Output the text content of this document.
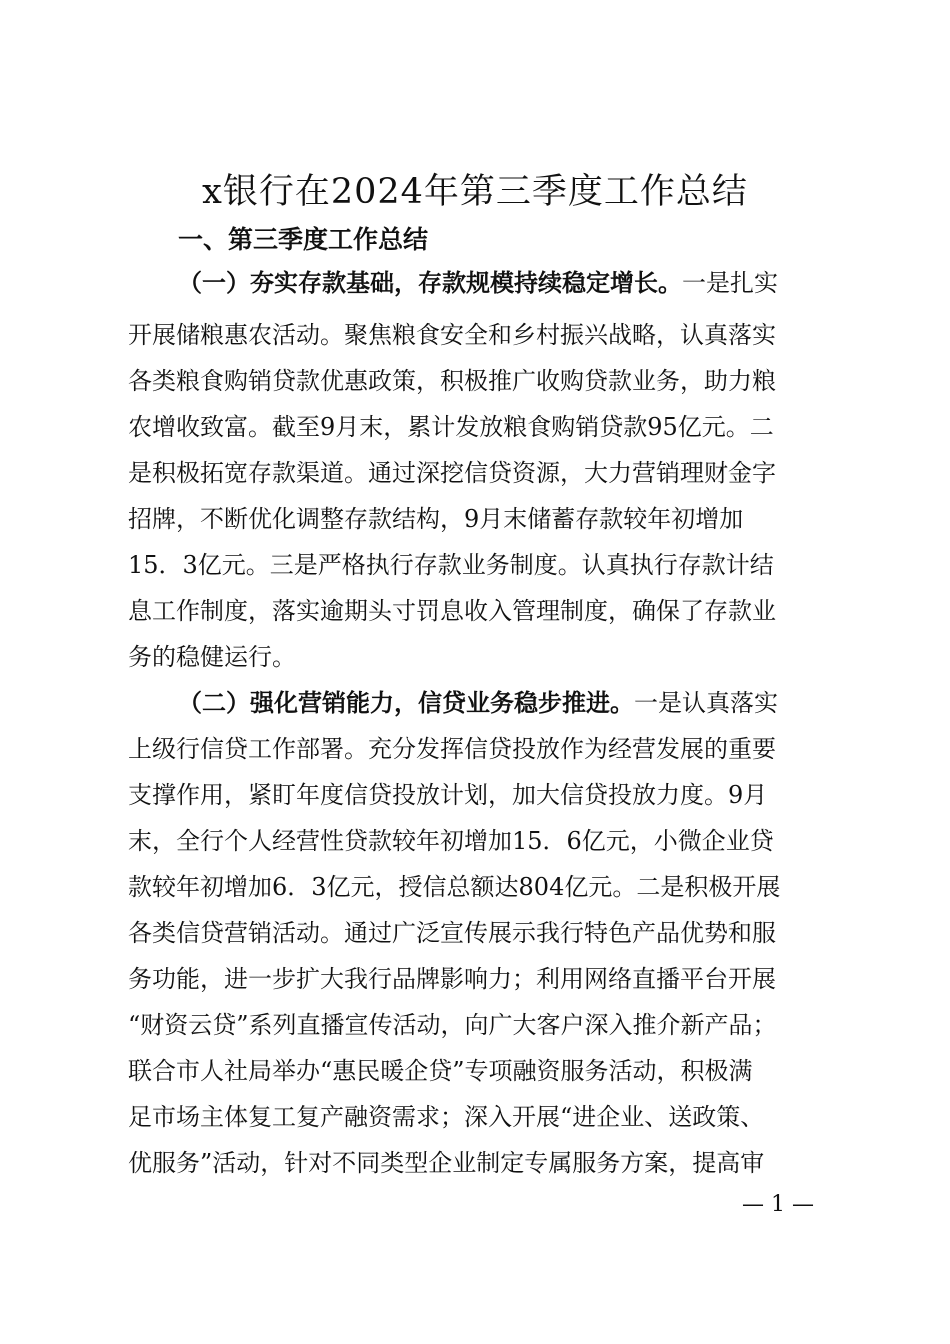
x银行在2024年第三季度工作总结
一、第三季度工作总结
（一）夯实存款基础，存款规模持续稳定增长。一是扎实
开展储粮惠农活动。聚焦粮食安全和乡村振兴战略，认真落实
各类粮食购销贷款优惠政策，积极推广收购贷款业务，助力粮
农增收致富。截至9月末，累计发放粮食购销贷款95亿元。二
是积极拓宽存款渠道。通过深挖信贷资源，大力营销理财金字
招牌，不断优化调整存款结构，9月末储蓄存款较年初增加
15．3亿元。三是严格执行存款业务制度。认真执行存款计结
息工作制度，落实逾期头寸罚息收入管理制度，确保了存款业
务的稳健运行。
（二）强化营销能力，信贷业务稳步推进。一是认真落实
上级行信贷工作部署。充分发挥信贷投放作为经营发展的重要
支撑作用，紧盯年度信贷投放计划，加大信贷投放力度。9月
末，全行个人经营性贷款较年初增加15．6亿元，小微企业贷
款较年初增加6．3亿元，授信总额达804亿元。二是积极开展
各类信贷营销活动。通过广泛宣传展示我行特色产品优势和服
务功能，进一步扩大我行品牌影响力；利用网络直播平台开展
“财资云贷”系列直播宣传活动，向广大客户深入推介新产品；
联合市人社局举办“惠民暖企贷”专项融资服务活动，积极满
足市场主体复工复产融资需求；深入开展“进企业、送政策、
优服务”活动，针对不同类型企业制定专属服务方案，提高审
— 1 —
